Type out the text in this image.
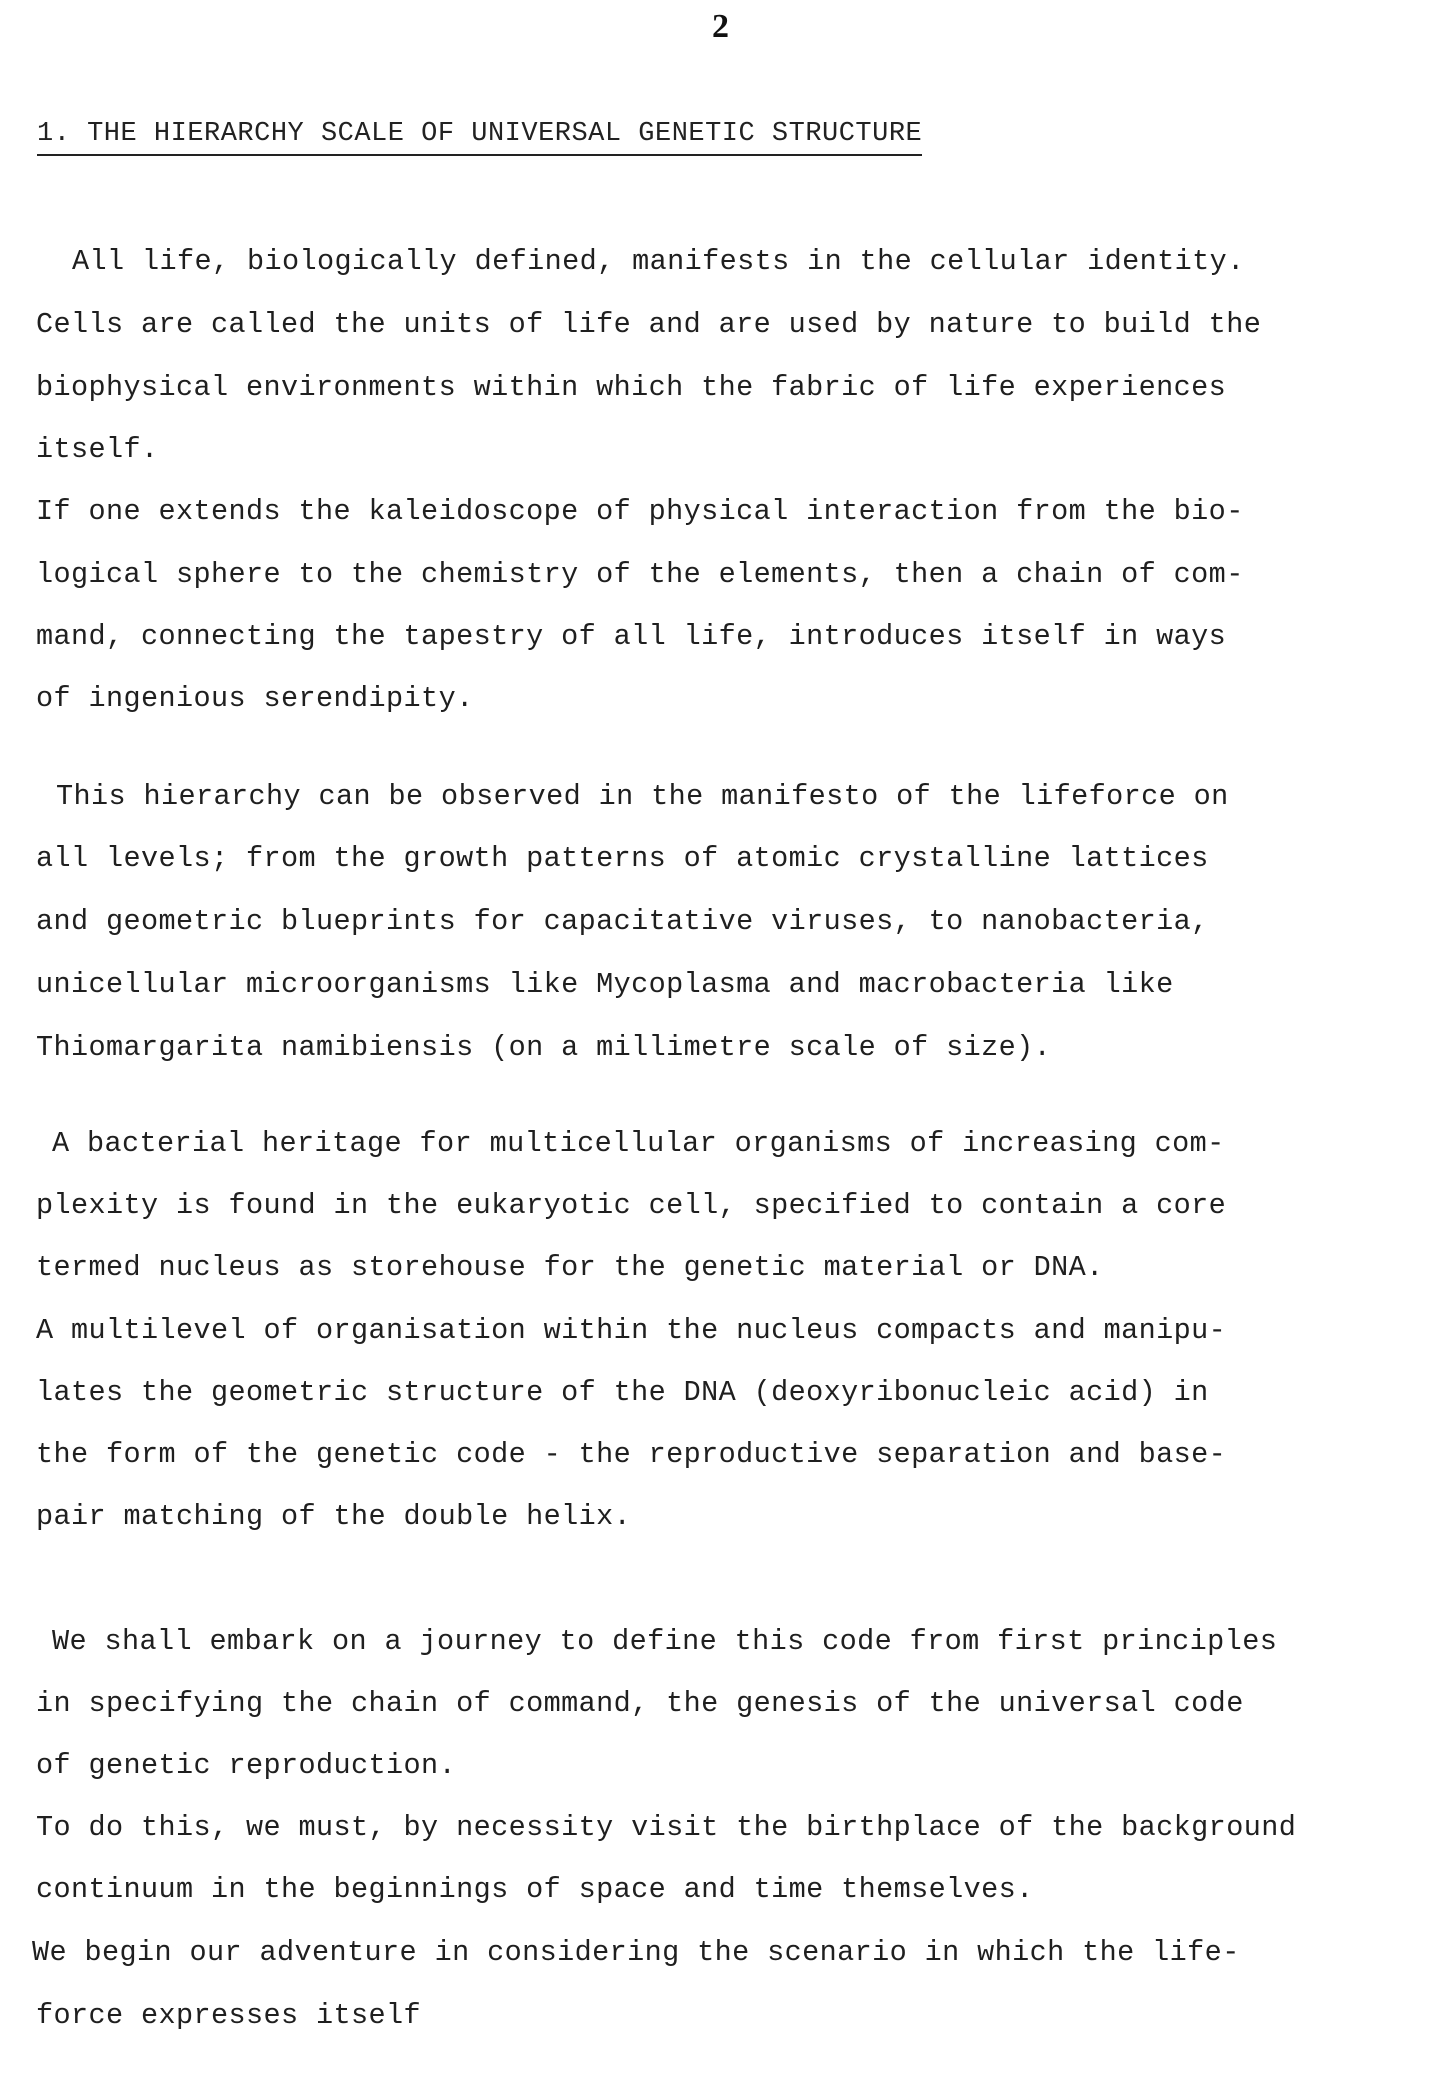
2
1. THE HIERARCHY SCALE OF UNIVERSAL GENETIC STRUCTURE
All life, biologically defined, manifests in the cellular identity.
Cells are called the units of life and are used by nature to build the
biophysical environments within which the fabric of life experiences
itself.
If one extends the kaleidoscope of physical interaction from the bio-
logical sphere to the chemistry of the elements, then a chain of com-
mand, connecting the tapestry of all life, introduces itself in ways
of ingenious serendipity.
This hierarchy can be observed in the manifesto of the lifeforce on
all levels; from the growth patterns of atomic crystalline lattices
and geometric blueprints for capacitative viruses, to nanobacteria,
unicellular microorganisms like Mycoplasma and macrobacteria like
Thiomargarita namibiensis (on a millimetre scale of size).
A bacterial heritage for multicellular organisms of increasing com-
plexity is found in the eukaryotic cell, specified to contain a core
termed nucleus as storehouse for the genetic material or DNA.
A multilevel of organisation within the nucleus compacts and manipu-
lates the geometric structure of the DNA (deoxyribonucleic acid) in
the form of the genetic code - the reproductive separation and base-
pair matching of the double helix.
We shall embark on a journey to define this code from first principles
in specifying the chain of command, the genesis of the universal code
of genetic reproduction.
To do this, we must, by necessity visit the birthplace of the background
continuum in the beginnings of space and time themselves.
We begin our adventure in considering the scenario in which the life-
force expresses itself
